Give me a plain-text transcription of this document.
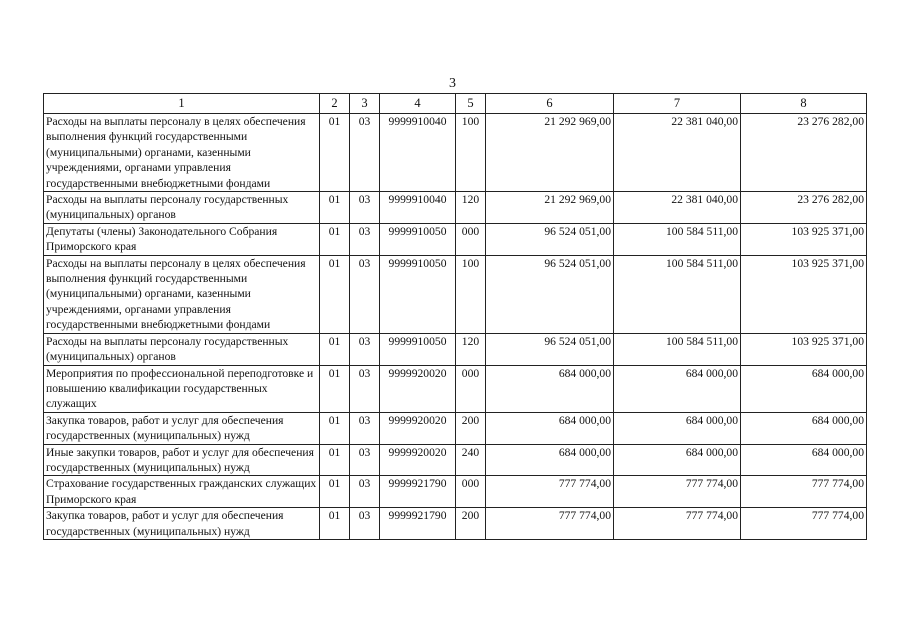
3
1	2	3	4	5	6	7	8
Расходы на выплаты персоналу в целях обеспечения выполнения функций государственными (муниципальными) органами, казенными учреждениями, органами управления государственными внебюджетными фондами	01	03	9999910040	100	21 292 969,00	22 381 040,00	23 276 282,00
Расходы на выплаты персоналу государственных (муниципальных) органов	01	03	9999910040	120	21 292 969,00	22 381 040,00	23 276 282,00
Депутаты (члены) Законодательного Собрания Приморского края	01	03	9999910050	000	96 524 051,00	100 584 511,00	103 925 371,00
Расходы на выплаты персоналу в целях обеспечения выполнения функций государственными (муниципальными) органами, казенными учреждениями, органами управления государственными внебюджетными фондами	01	03	9999910050	100	96 524 051,00	100 584 511,00	103 925 371,00
Расходы на выплаты персоналу государственных (муниципальных) органов	01	03	9999910050	120	96 524 051,00	100 584 511,00	103 925 371,00
Мероприятия по профессиональной переподготовке и повышению квалификации государственных служащих	01	03	9999920020	000	684 000,00	684 000,00	684 000,00
Закупка товаров, работ и услуг для обеспечения государственных (муниципальных) нужд	01	03	9999920020	200	684 000,00	684 000,00	684 000,00
Иные закупки товаров, работ и услуг для обеспечения государственных (муниципальных) нужд	01	03	9999920020	240	684 000,00	684 000,00	684 000,00
Страхование государственных гражданских служащих Приморского края	01	03	9999921790	000	777 774,00	777 774,00	777 774,00
Закупка товаров, работ и услуг для обеспечения государственных (муниципальных) нужд	01	03	9999921790	200	777 774,00	777 774,00	777 774,00
